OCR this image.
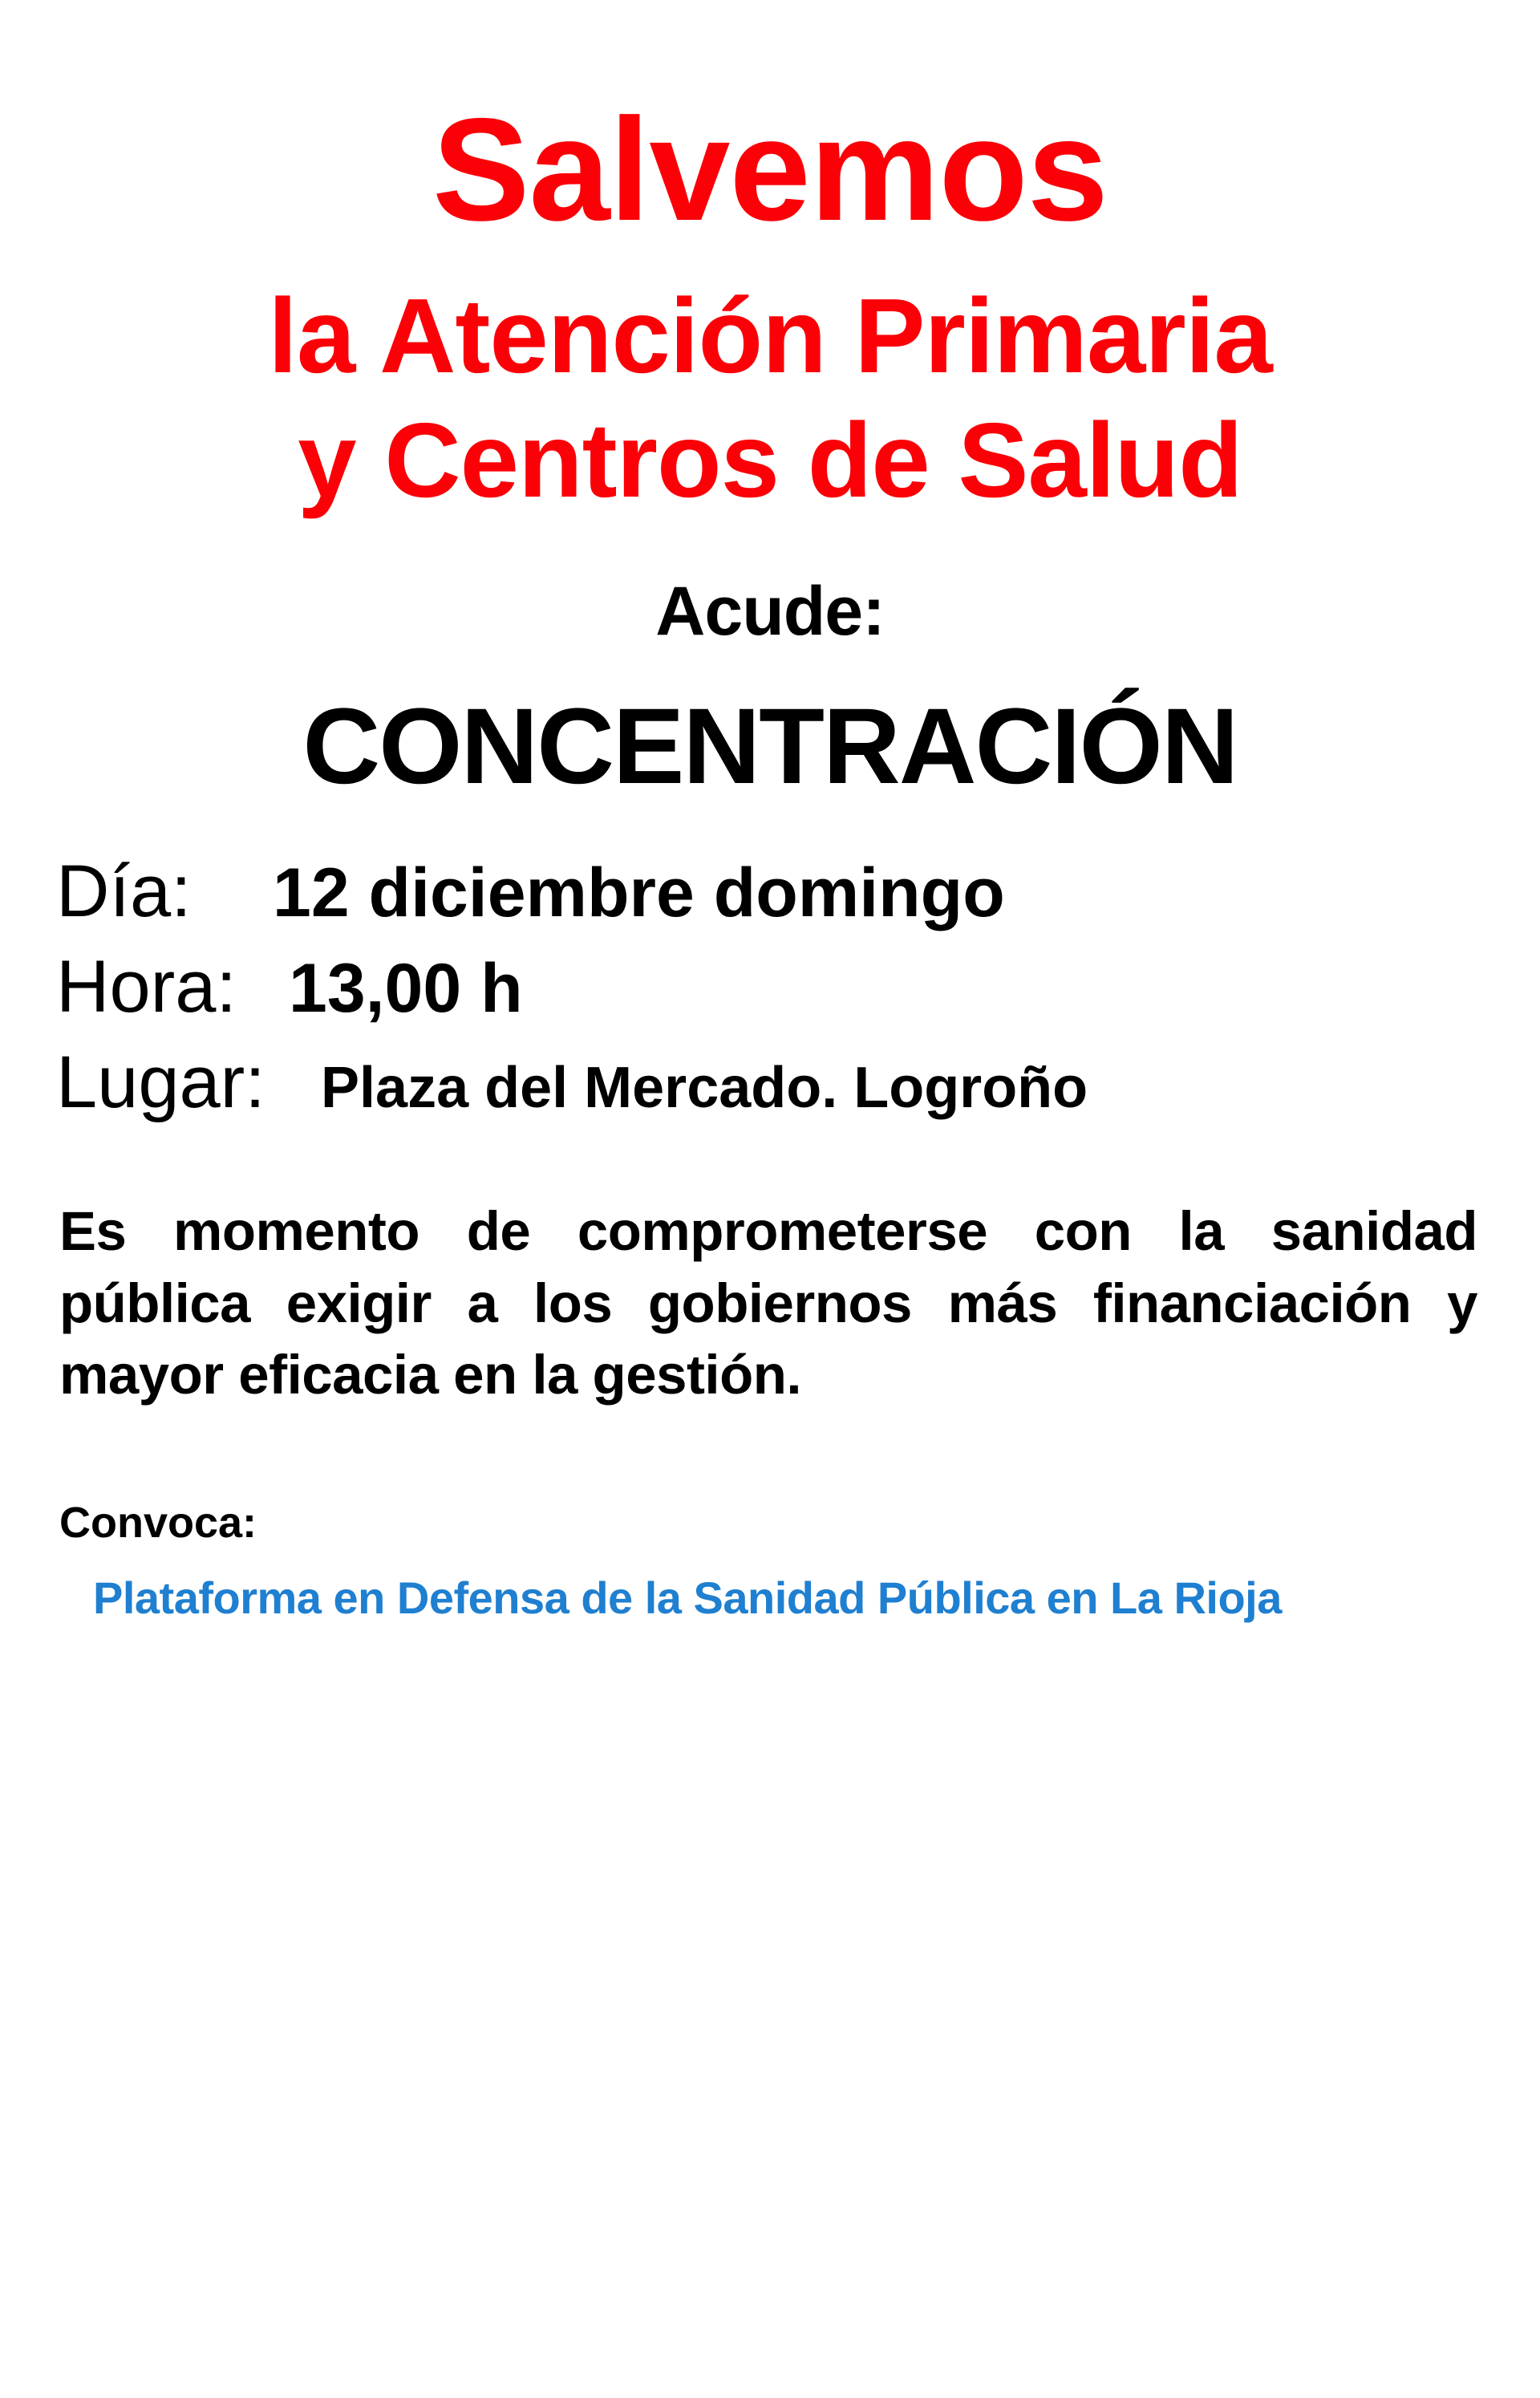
Salvemos
la Atención Primaria
y Centros de Salud
Acude:
CONCENTRACIÓN
Día:	12 diciembre domingo
Hora: 13,00 h
Lugar: Plaza del Mercado. Logroño
Es momento de comprometerse con la sanidad pública exigir a los gobiernos más financiación y mayor eficacia en la gestión.
Convoca:
Plataforma en Defensa de la Sanidad Pública en La Rioja
